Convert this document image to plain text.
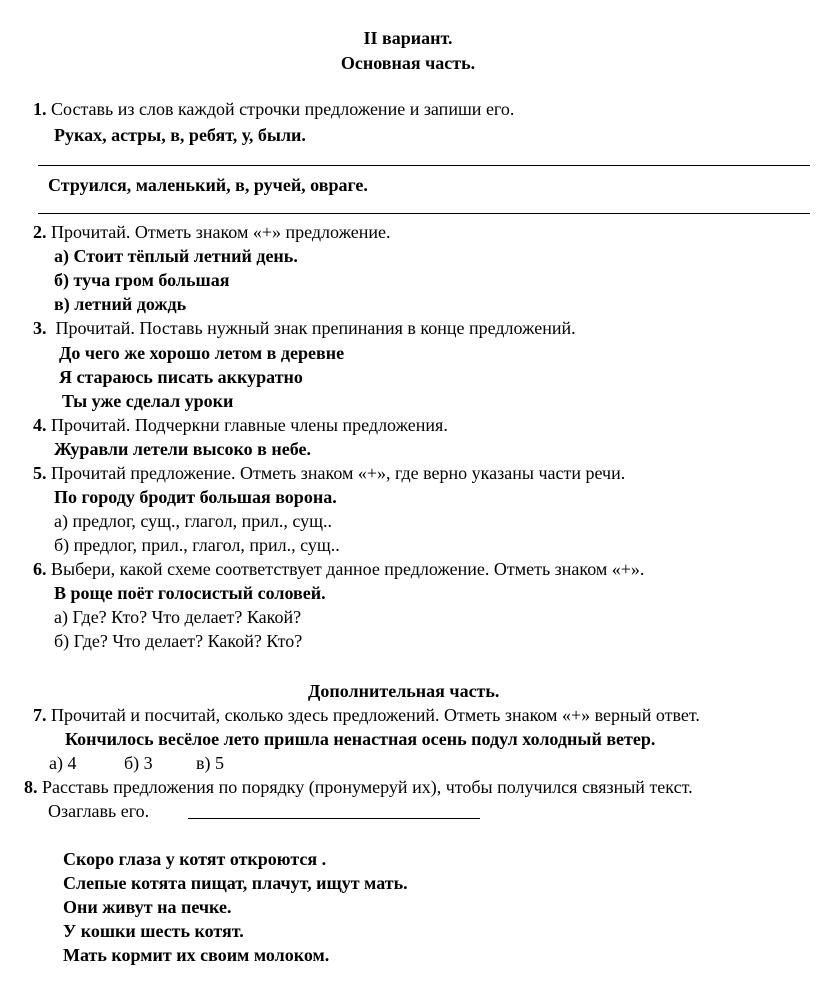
II вариант.
Основная часть.
1. Составь из слов каждой строчки предложение и запиши его.
Руках, астры, в, ребят, у, были.
Струился, маленький, в, ручей, овраге.
2. Прочитай. Отметь знаком «+» предложение.
а) Стоит тёплый летний день.
б) туча гром большая
в) летний дождь
3. Прочитай. Поставь нужный знак препинания в конце предложений.
До чего же хорошо летом в деревне
Я стараюсь писать аккуратно
Ты уже сделал уроки
4. Прочитай. Подчеркни главные члены предложения.
Журавли летели высоко в небе.
5. Прочитай предложение. Отметь знаком «+», где верно указаны части речи.
По городу бродит большая ворона.
а) предлог, сущ., глагол, прил., сущ..
б) предлог, прил., глагол, прил., сущ..
6. Выбери, какой схеме соответствует данное предложение. Отметь знаком «+».
В роще поёт голосистый соловей.
а) Где? Кто? Что делает? Какой?
б) Где? Что делает? Какой? Кто?
Дополнительная часть.
7. Прочитай и посчитай, сколько здесь предложений. Отметь знаком «+» верный ответ.
Кончилось весёлое лето пришла ненастная осень подул холодный ветер.
а) 4	б) 3 в) 5
8. Расставь предложения по порядку (пронумеруй их), чтобы получился связный текст.
Озаглавь его.
Скоро глаза у котят откроются .
Слепые котята пищат, плачут, ищут мать.
Они живут на печке.
У кошки шесть котят.
Мать кормит их своим молоком.
